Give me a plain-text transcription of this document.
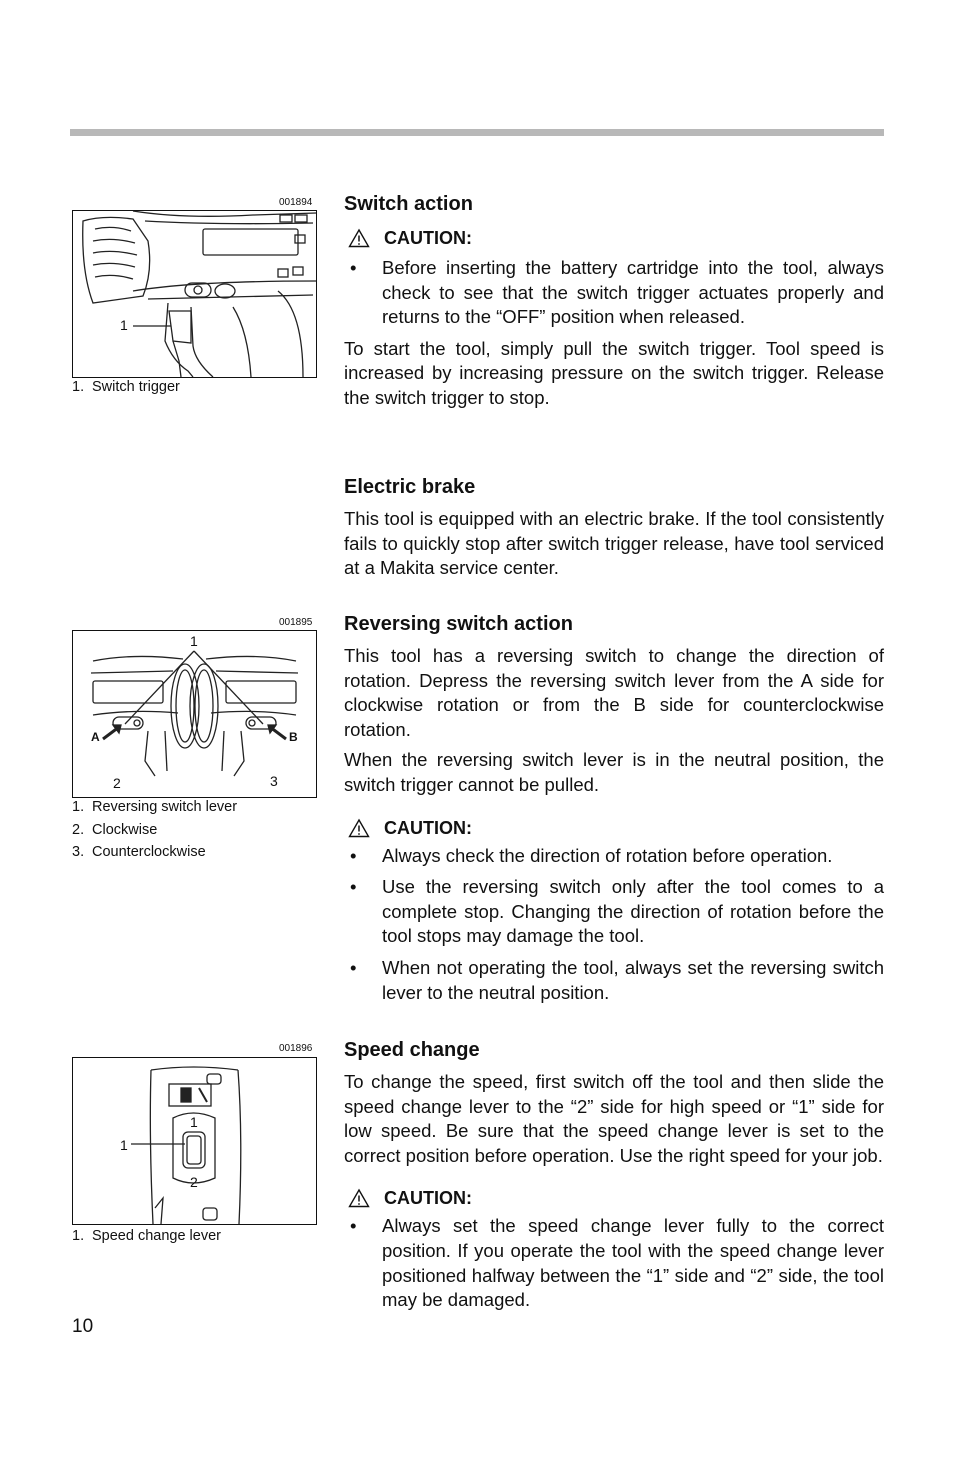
001894
1
1. Switch trigger
001895
1
2	3
A	B
1. Reversing switch lever
2. Clockwise
3. Counterclockwise
001896
1
1
2
1. Speed change lever
Switch action
CAUTION:
•	Before inserting the battery cartridge into the tool, always check to see that the switch trigger actuates properly and returns to the “OFF” position when released.

To start the tool, simply pull the switch trigger. Tool speed is increased by increasing pressure on the switch trigger. Release the switch trigger to stop.

Electric brake

This tool is equipped with an electric brake. If the tool consistently fails to quickly stop after switch trigger release, have tool serviced at a Makita service center.

Reversing switch action

This tool has a reversing switch to change the direction of rotation. Depress the reversing switch lever from the A side for clockwise rotation or from the B side for counterclockwise rotation.

When the reversing switch lever is in the neutral position, the switch trigger cannot be pulled.

CAUTION:
•	Always check the direction of rotation before operation.
•	Use the reversing switch only after the tool comes to a complete stop. Changing the direction of rotation before the tool stops may damage the tool.
•	When not operating the tool, always set the reversing switch lever to the neutral position.
Speed change

To change the speed, first switch off the tool and then slide the speed change lever to the “2” side for high speed or “1” side for low speed. Be sure that the speed change lever is set to the correct position before operation. Use the right speed for your job.

CAUTION:
•	Always set the speed change lever fully to the correct position. If you operate the tool with the speed change lever positioned halfway between the “1” side and “2” side, the tool may be damaged.
10
